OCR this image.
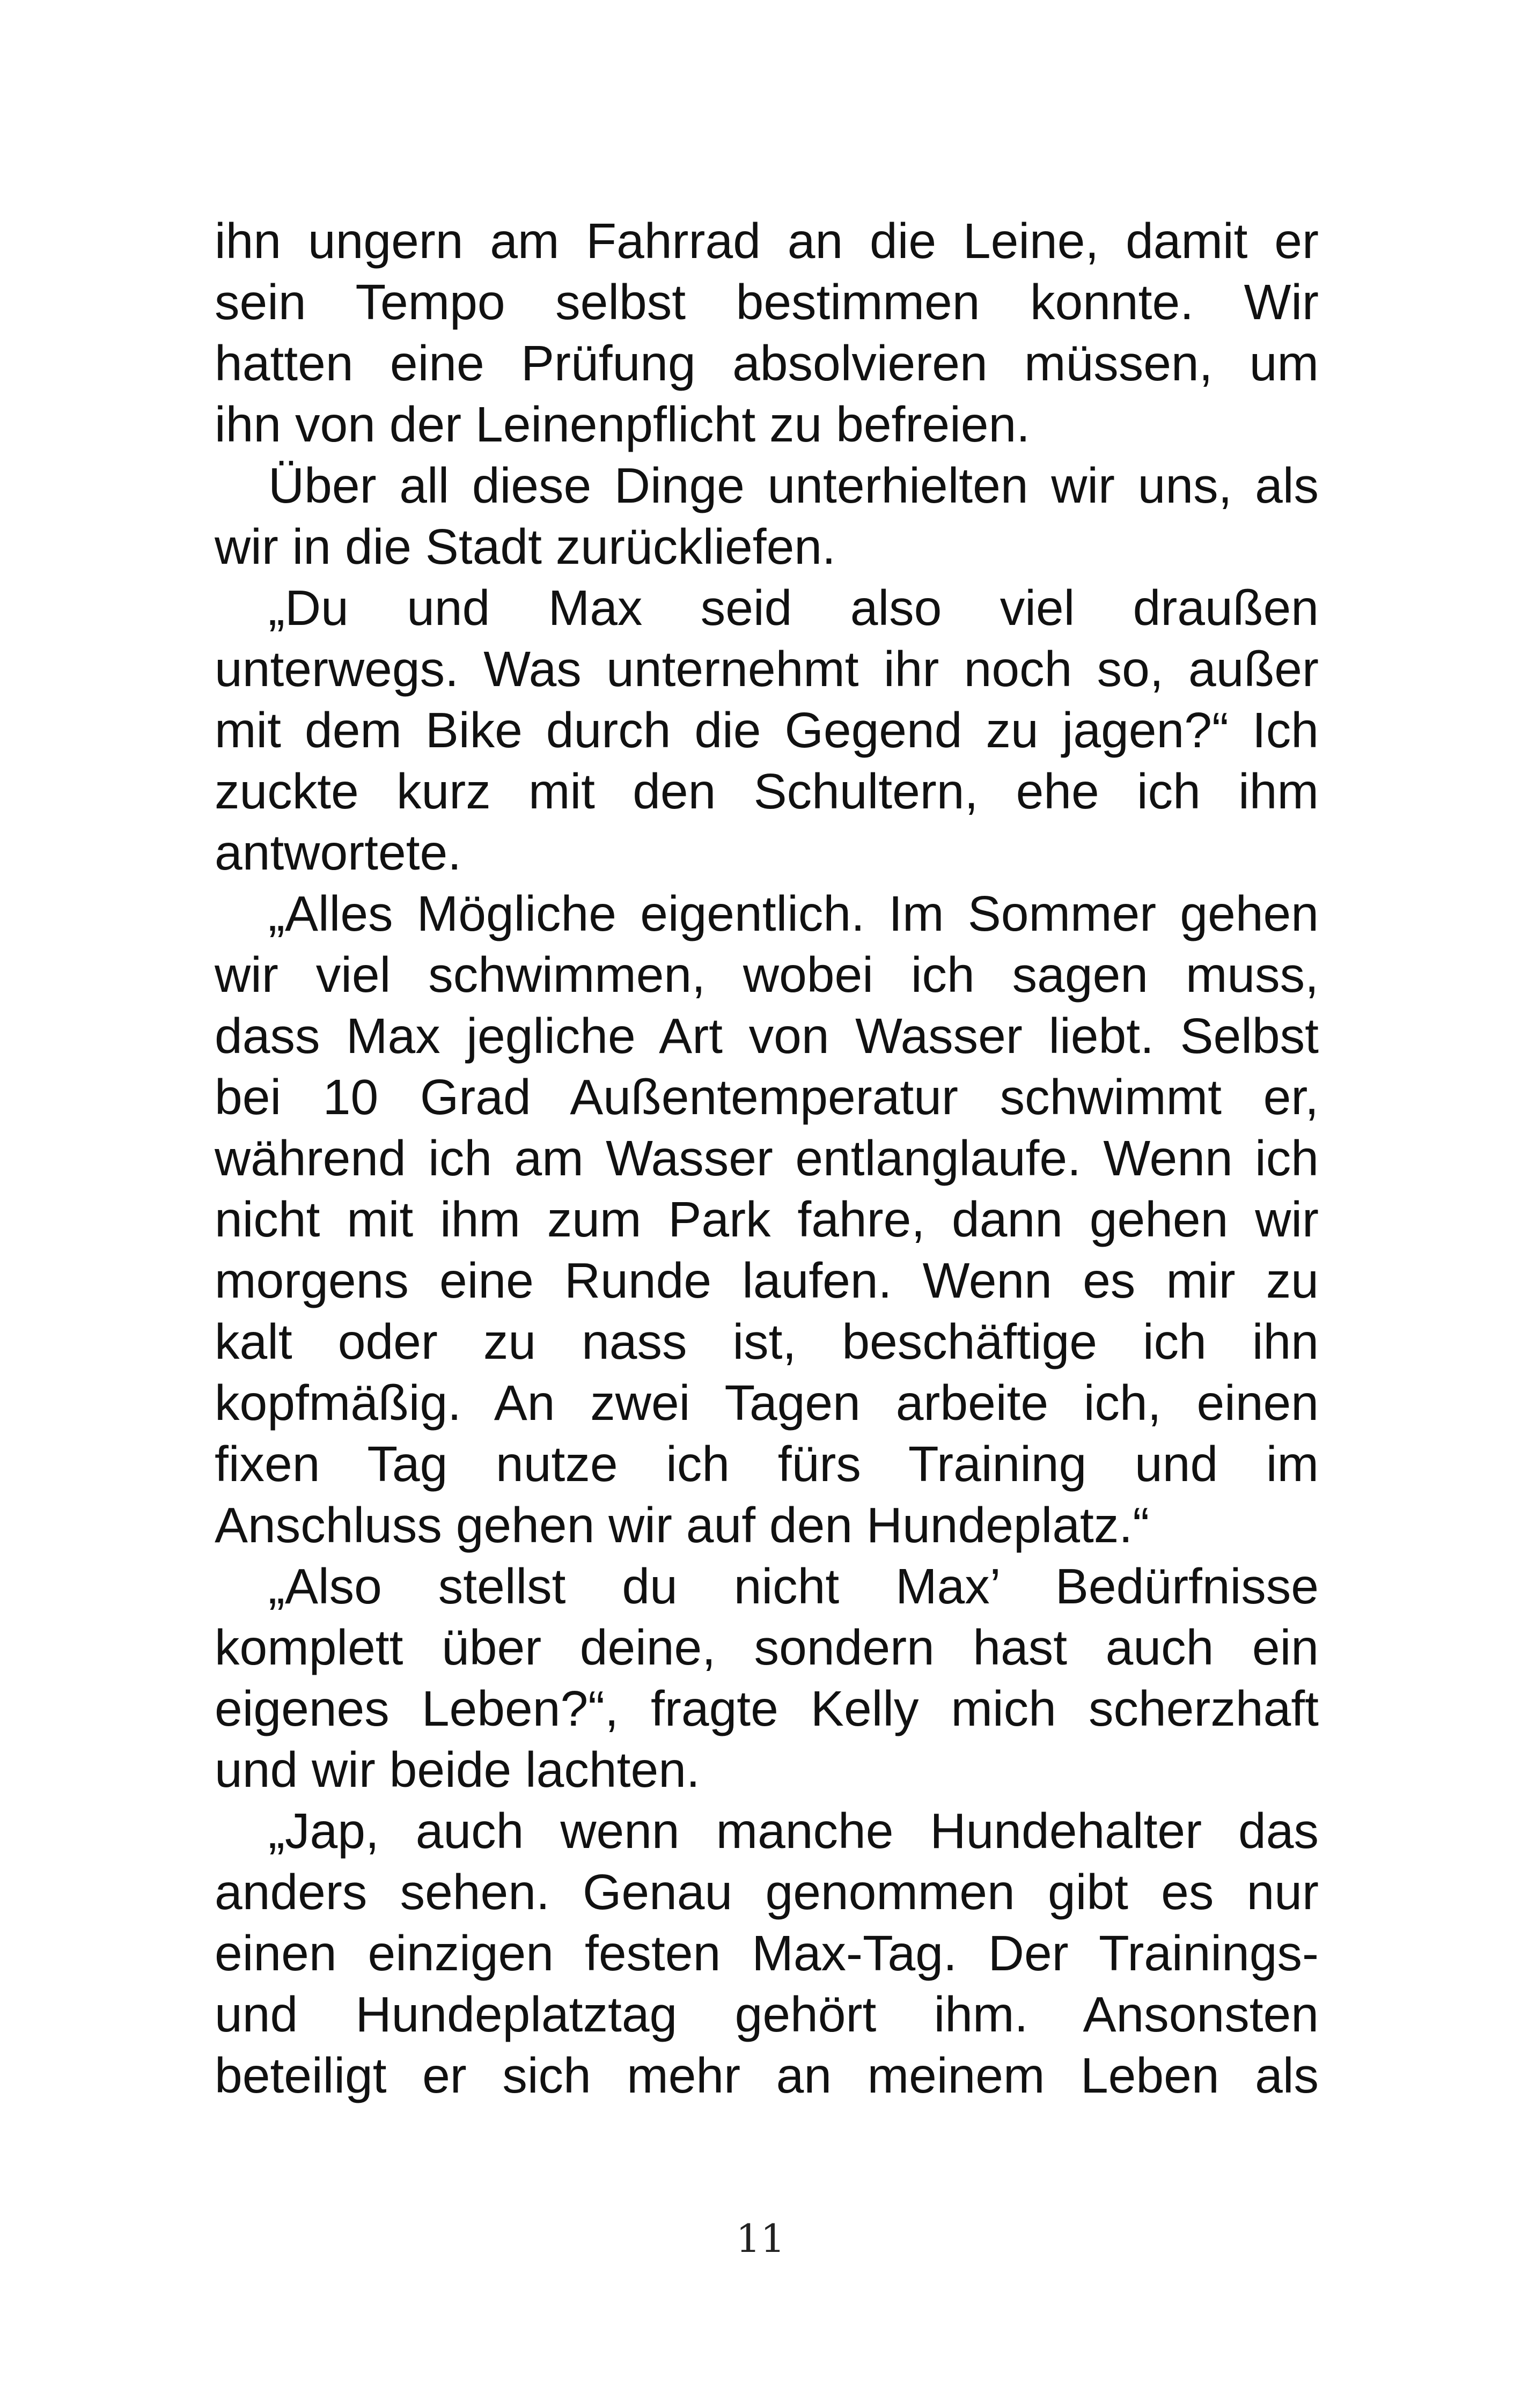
ihn ungern am Fahrrad an die Leine, damit er
sein Tempo selbst bestimmen konnte. Wir
hatten eine Prüfung absolvieren müssen, um
ihn von der Leinenpflicht zu befreien.
Über all diese Dinge unterhielten wir uns, als
wir in die Stadt zurückliefen.
„Du und Max seid also viel draußen
unterwegs. Was unternehmt ihr noch so, außer
mit dem Bike durch die Gegend zu jagen?“ Ich
zuckte kurz mit den Schultern, ehe ich ihm
antwortete.
„Alles Mögliche eigentlich. Im Sommer gehen
wir viel schwimmen, wobei ich sagen muss,
dass Max jegliche Art von Wasser liebt. Selbst
bei 10 Grad Außentemperatur schwimmt er,
während ich am Wasser entlanglaufe. Wenn ich
nicht mit ihm zum Park fahre, dann gehen wir
morgens eine Runde laufen. Wenn es mir zu
kalt oder zu nass ist, beschäftige ich ihn
kopfmäßig. An zwei Tagen arbeite ich, einen
fixen Tag nutze ich fürs Training und im
Anschluss gehen wir auf den Hundeplatz.“
„Also stellst du nicht Max’ Bedürfnisse
komplett über deine, sondern hast auch ein
eigenes Leben?“, fragte Kelly mich scherzhaft
und wir beide lachten.
„Jap, auch wenn manche Hundehalter das
anders sehen. Genau genommen gibt es nur
einen einzigen festen Max-Tag. Der Trainings-
und Hundeplatztag gehört ihm. Ansonsten
beteiligt er sich mehr an meinem Leben als
11
